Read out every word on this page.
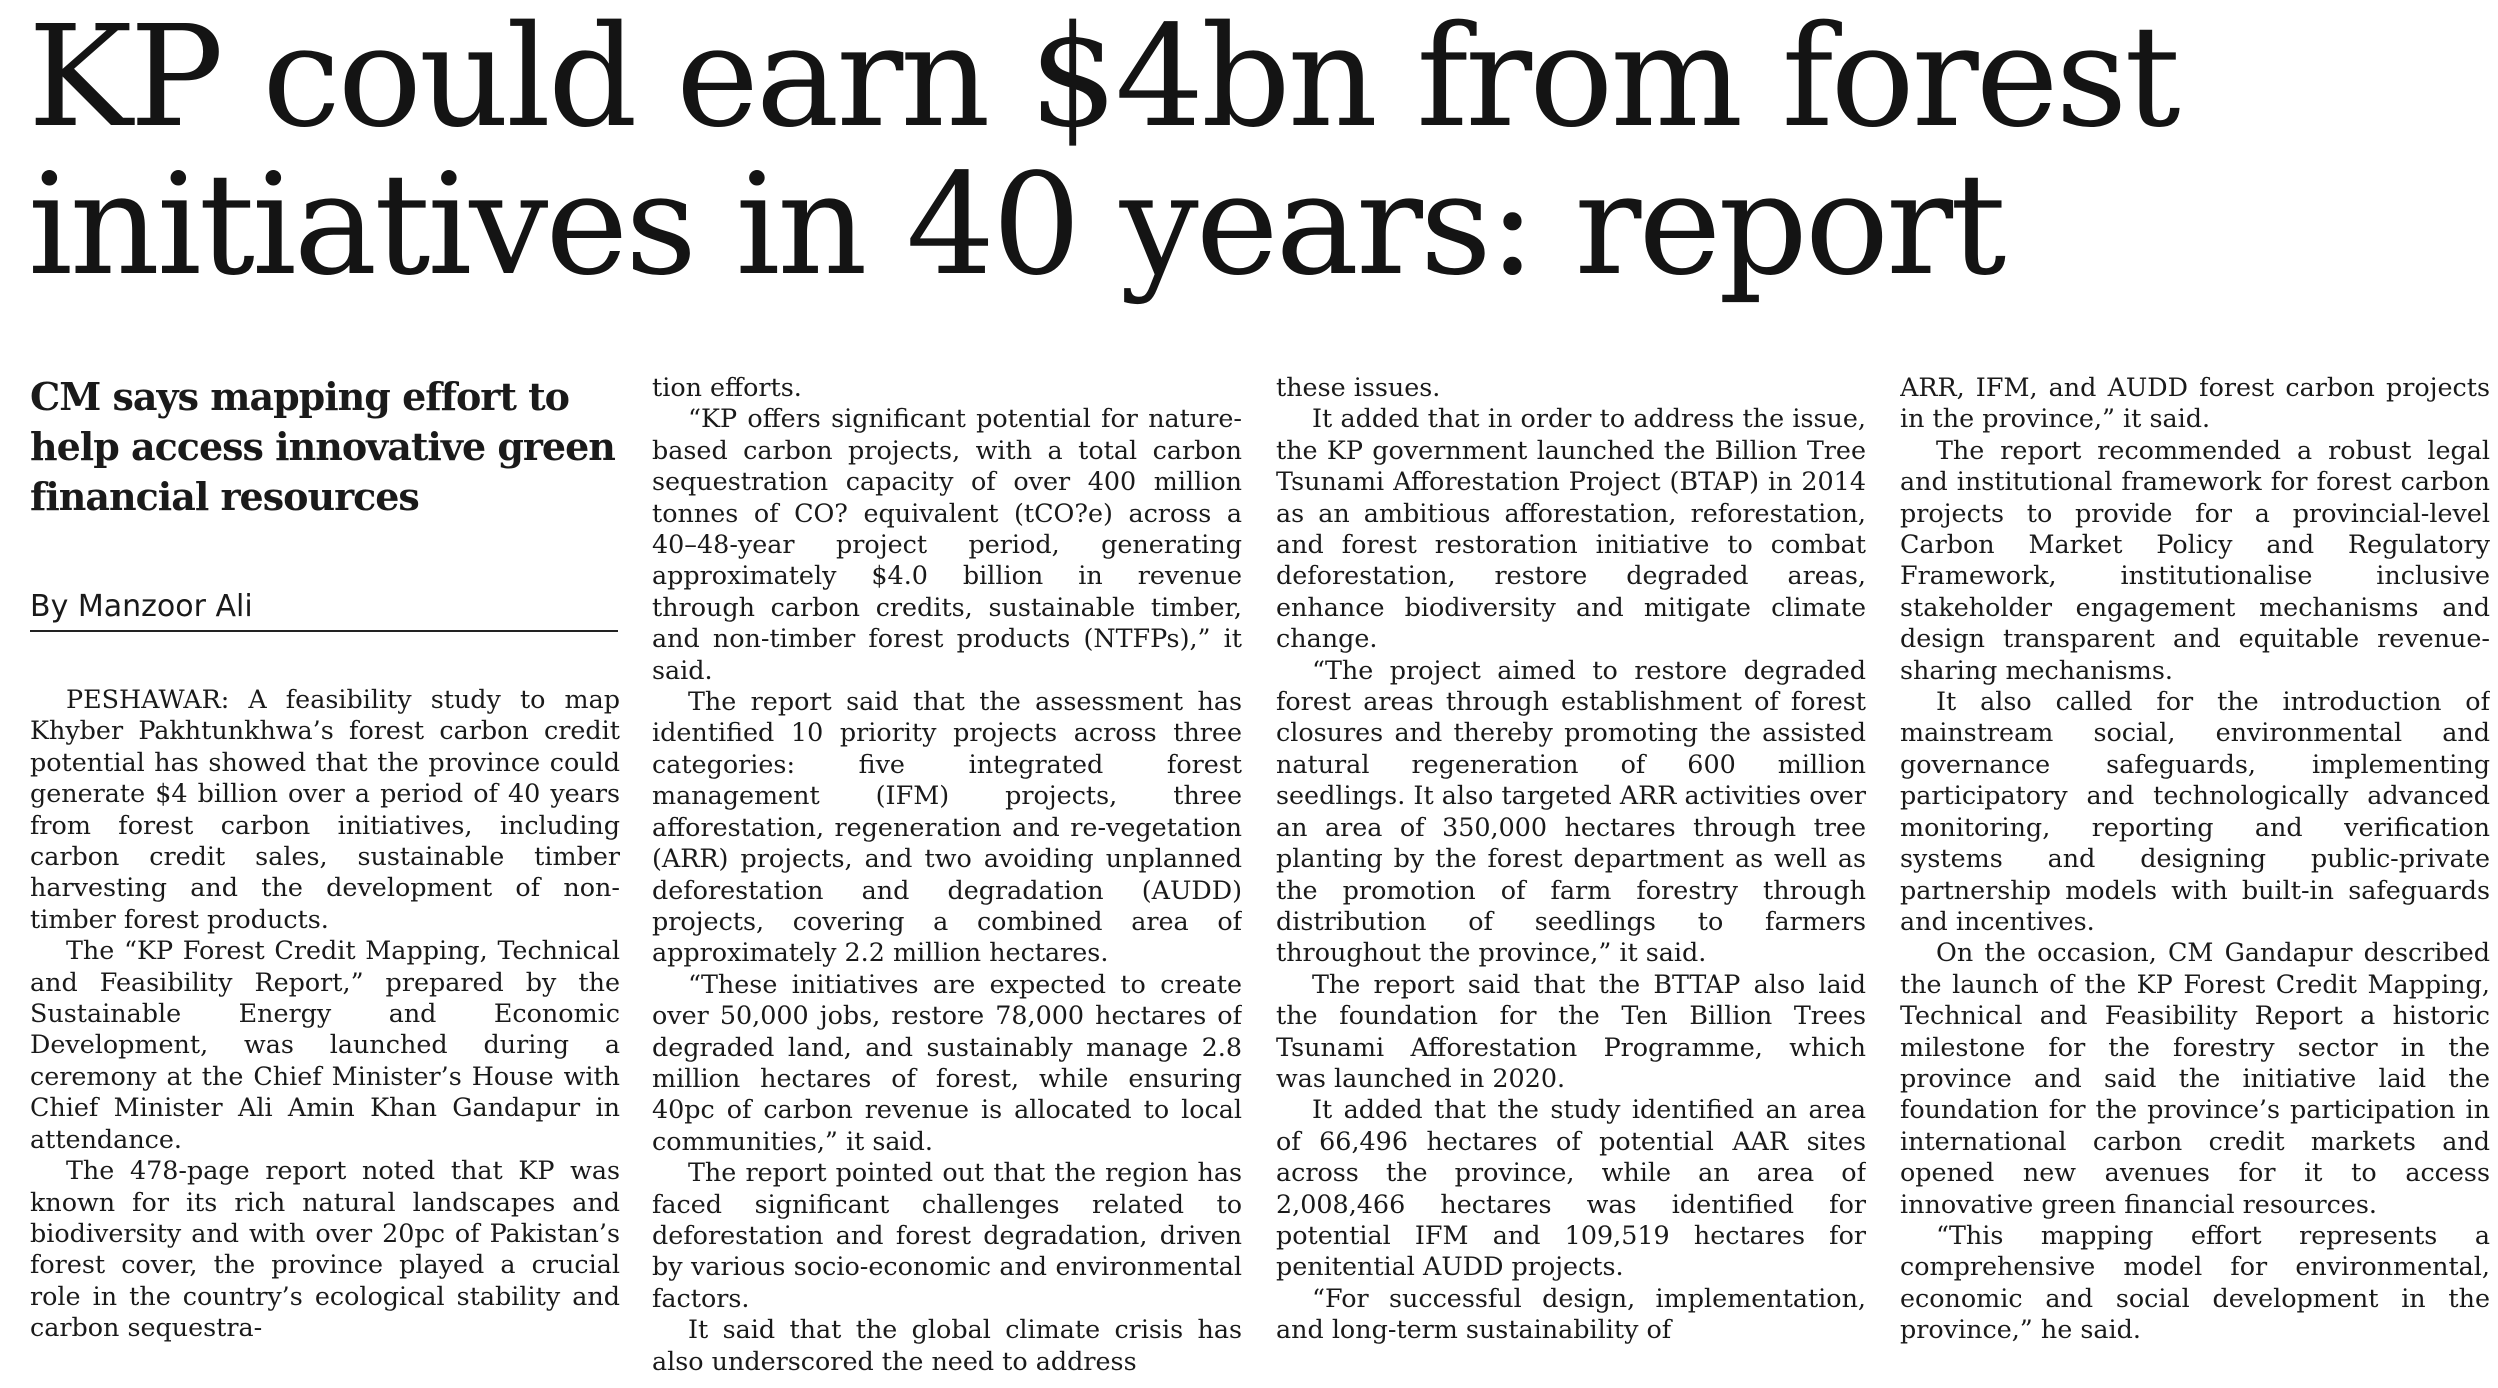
KP could earn $4bn from forest initiatives in 40 years: report
CM says mapping effort to help access innovative green financial resources
By Manzoor Ali

PESHAWAR: A feasibility study to map Khyber Pakhtunkhwa’s forest carbon credit potential has showed that the province could generate $4 billion over a period of 40 years from forest carbon initiatives, including carbon credit sales, sustainable timber harvesting and the development of non-timber forest products.

The “KP Forest Credit Mapping, Technical and Feasibility Report,” prepared by the Sustainable Energy and Economic Development, was launched during a ceremony at the Chief Minister’s House with Chief Minister Ali Amin Khan Gandapur in attendance.

The 478-page report noted that KP was known for its rich natural landscapes and biodiversity and with over 20pc of Pakistan’s forest cover, the province played a crucial role in the country’s ecological stability and carbon sequestra-

tion efforts.

“KP offers significant potential for nature-based carbon projects, with a total carbon sequestration capacity of over 400 million tonnes of CO? equivalent (tCO?e) across a 40–48-year project period, generating approximately $4.0 billion in revenue through carbon credits, sustainable timber, and non-timber forest products (NTFPs),” it said.

The report said that the assessment has identified 10 priority projects across three categories: five integrated forest management (IFM) projects, three afforestation, regeneration and re-vegetation (ARR) projects, and two avoiding unplanned deforestation and degradation (AUDD) projects, covering a combined area of approximately 2.2 million hectares.

“These initiatives are expected to create over 50,000 jobs, restore 78,000 hectares of degraded land, and sustainably manage 2.8 million hectares of forest, while ensuring 40pc of carbon revenue is allocated to local communities,” it said.

The report pointed out that the region has faced significant challenges related to deforestation and forest degradation, driven by various socio-economic and environmental factors.

It said that the global climate crisis has also underscored the need to address

these issues.

It added that in order to address the issue, the KP government launched the Billion Tree Tsunami Afforestation Project (BTAP) in 2014 as an ambitious afforestation, reforestation, and forest restoration initiative to combat deforestation, restore degraded areas, enhance biodiversity and mitigate climate change.

“The project aimed to restore degraded forest areas through establishment of forest closures and thereby promoting the assisted natural regeneration of 600 million seedlings. It also targeted ARR activities over an area of 350,000 hectares through tree planting by the forest department as well as the promotion of farm forestry through distribution of seedlings to farmers throughout the province,” it said.

The report said that the BTTAP also laid the foundation for the Ten Billion Trees Tsunami Afforestation Programme, which was launched in 2020.

It added that the study identified an area of 66,496 hectares of potential AAR sites across the province, while an area of 2,008,466 hectares was identified for potential IFM and 109,519 hectares for penitential AUDD projects.

“For successful design, implementation, and long-term sustainability of

ARR, IFM, and AUDD forest carbon projects in the province,” it said.

The report recommended a robust legal and institutional framework for forest carbon projects to provide for a provincial-level Carbon Market Policy and Regulatory Framework, institutionalise inclusive stakeholder engagement mechanisms and design transparent and equitable revenue-sharing mechanisms.

It also called for the introduction of mainstream social, environmental and governance safeguards, implementing participatory and technologically advanced monitoring, reporting and verification systems and designing public-private partnership models with built-in safeguards and incentives.

On the occasion, CM Gandapur described the launch of the KP Forest Credit Mapping, Technical and Feasibility Report a historic milestone for the forestry sector in the province and said the initiative laid the foundation for the province’s participation in international carbon credit markets and opened new avenues for it to access innovative green financial resources.

“This mapping effort represents a comprehensive model for environmental, economic and social development in the province,” he said.
